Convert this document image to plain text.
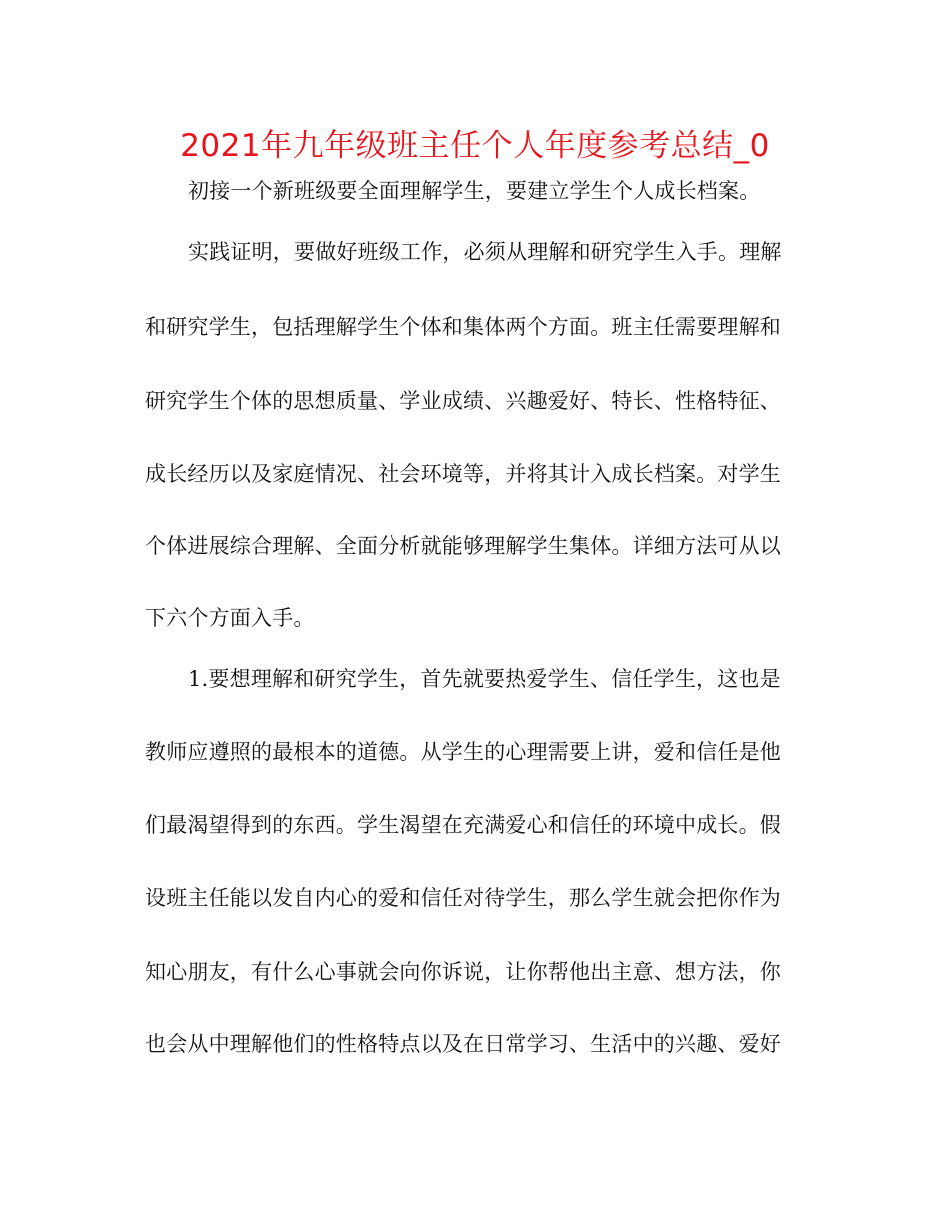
2021年九年级班主任个人年度参考总结_0
初接一个新班级要全面理解学生，要建立学生个人成长档案。
实践证明，要做好班级工作，必须从理解和研究学生入手。理解
和研究学生，包括理解学生个体和集体两个方面。班主任需要理解和
研究学生个体的思想质量、学业成绩、兴趣爱好、特长、性格特征、
成长经历以及家庭情况、社会环境等，并将其计入成长档案。对学生
个体进展综合理解、全面分析就能够理解学生集体。详细方法可从以
下六个方面入手。
1.要想理解和研究学生，首先就要热爱学生、信任学生，这也是
教师应遵照的最根本的道德。从学生的心理需要上讲，爱和信任是他
们最渴望得到的东西。学生渴望在充满爱心和信任的环境中成长。假
设班主任能以发自内心的爱和信任对待学生，那么学生就会把你作为
知心朋友，有什么心事就会向你诉说，让你帮他出主意、想方法，你
也会从中理解他们的性格特点以及在日常学习、生活中的兴趣、爱好
